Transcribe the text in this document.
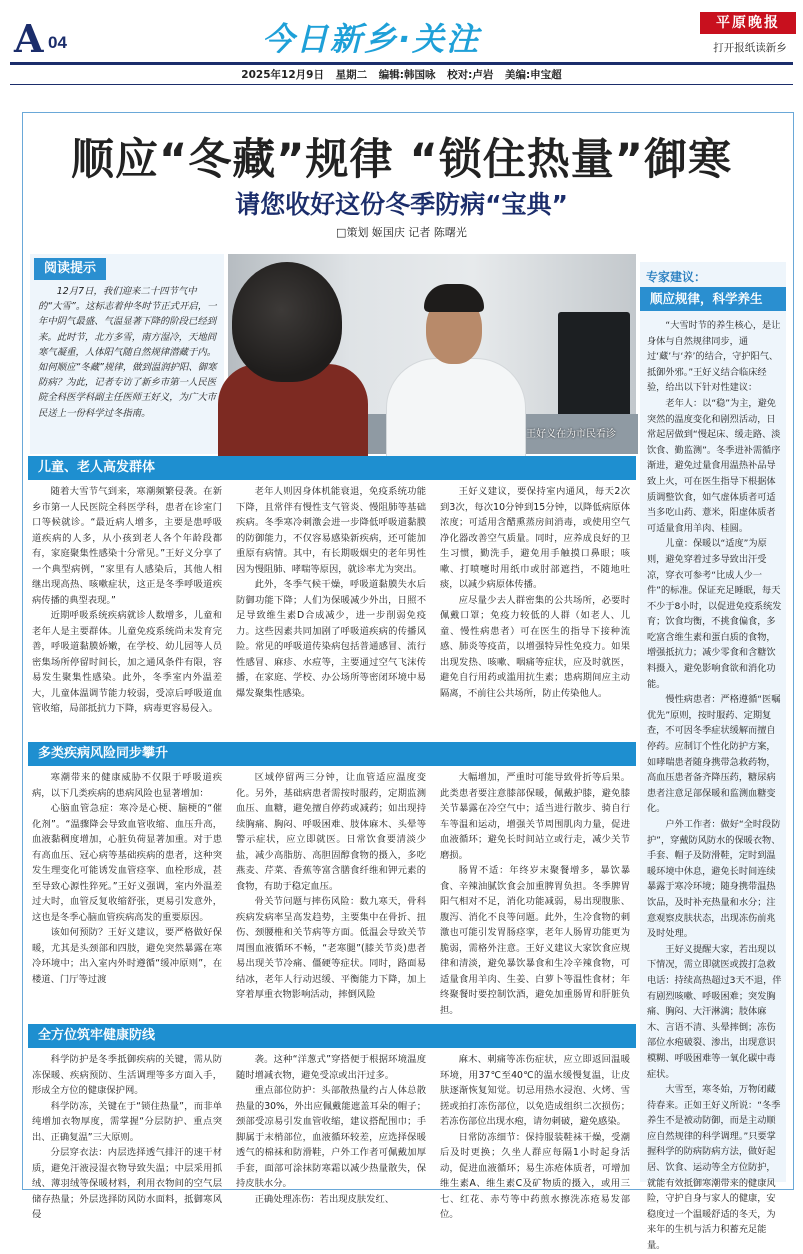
A 04	今日新乡·关注	平原晚报
打开报纸读新乡
2025年12月9日 星期二 编辑:韩国咏 校对:卢岩 美编:申宝超
顺应“冬藏”规律 “锁住热量”御寒
请您收好这份冬季防病“宝典”
□策划 姬国庆 记者 陈曙光
阅读提示
12月7日，我们迎来二十四节气中的“大雪”。这标志着仲冬时节正式开启，一年中阴气最盛、气温显著下降的阶段已经到来。此时节，北方多雪，南方湿冷，天地间寒气凝重，人体阳气随自然规律潜藏于内。如何顺应“冬藏”规律，做到温润护阳、御寒防病？为此，记者专访了新乡市第一人民医院全科医学科副主任医师王好义，为广大市民送上一份科学过冬指南。
王好义在为市民看诊
专家建议：
顺应规律，科学养生

“大雪时节的养生核心，是让身体与自然规律同步，通过‘藏’与‘养’的结合，守护阳气、抵御外邪。”王好义结合临床经验，给出以下针对性建议：

老年人：以“稳”为主，避免突然的温度变化和剧烈活动，日常起居做到“慢起床、缓走路、淡饮食、勤监测”。冬季进补需循序渐进，避免过量食用温热补品导致上火，可在医生指导下根据体质调整饮食，如气虚体质者可适当多吃山药、薏米，阳虚体质者可适量食用羊肉、桂圆。

儿童：保暖以“适度”为原则，避免穿着过多导致出汗受凉，穿衣可参考“比成人少一件”的标准。保证充足睡眠，每天不少于8小时，以促进免疫系统发育；饮食均衡，不挑食偏食，多吃富含维生素和蛋白质的食物，增强抵抗力；减少零食和含糖饮料摄入，避免影响食欲和消化功能。

慢性病患者：严格遵循“医嘱优先”原则，按时服药、定期复查，不可因冬季症状缓解而擅自停药。应制订个性化防护方案，如哮喘患者随身携带急救药物，高血压患者备齐降压药，糖尿病患者注意足部保暖和监测血糖变化。

户外工作者：做好“全时段防护”，穿戴防风防水的保暖衣物、手套、帽子及防滑鞋，定时到温暖环境中休息，避免长时间连续暴露于寒冷环境；随身携带温热饮品，及时补充热量和水分；注意观察皮肤状态，出现冻伤前兆及时处理。

王好义提醒大家，若出现以下情况，需立即就医或拨打急救电话：持续高热超过3天不退，伴有剧烈咳嗽、呼吸困难；突发胸痛、胸闷、大汗淋漓；肢体麻木、言语不清、头晕摔倒；冻伤部位水疱破裂、渗出，出现意识模糊、呼吸困难等一氧化碳中毒症状。

大雪至，寒冬始，万物闭藏待春来。正如王好义所说：“冬季养生不是被动防御，而是主动顺应自然规律的科学调理。”只要掌握科学的防病防病方法，做好起居、饮食、运动等全方位防护，就能有效抵御寒潮带来的健康风险，守护自身与家人的健康，安稳度过一个温暖舒适的冬天，为来年的生机与活力积蓄充足能量。

儿童、老人高发群体

随着大雪节气到来，寒潮频繁侵袭。在新乡市第一人民医院全科医学科，患者在诊室门口等候就诊。“最近病人增多，主要是患呼吸道疾病的人多，从小孩到老人各个年龄段都有，家庭聚集性感染十分常见。”王好义分享了一个典型病例，“家里有人感染后，其他人相继出现高热、咳嗽症状，这正是冬季呼吸道疾病传播的典型表现。”

近期呼吸系统疾病就诊人数增多，儿童和老年人是主要群体。儿童免疫系统尚未发育完善，呼吸道黏膜娇嫩，在学校、幼儿园等人员密集场所停留时间长，加之通风条件有限，容易发生聚集性感染。此外，冬季室内外温差大，儿童体温调节能力较弱，受凉后呼吸道血管收缩，局部抵抗力下降，病毒更容易侵入。

老年人则因身体机能衰退，免疫系统功能下降，且常伴有慢性支气管炎、慢阻肺等基础疾病。冬季寒冷刺激会进一步降低呼吸道黏膜的防御能力，不仅容易感染新疾病，还可能加重原有病情。其中，有长期吸烟史的老年男性因为慢阻肺、哮喘等原因，就诊率尤为突出。

此外，冬季气候干燥，呼吸道黏膜失水后防御功能下降；人们为保暖减少外出，日照不足导致维生素D合成减少，进一步削弱免疫力。这些因素共同加剧了呼吸道疾病的传播风险。常见的呼吸道传染病包括普通感冒、流行性感冒、麻疹、水痘等，主要通过空气飞沫传播，在家庭、学校、办公场所等密闭环境中易爆发聚集性感染。

王好义建议，要保持室内通风，每天2次到3次，每次10分钟到15分钟，以降低病原体浓度；可适用含醋熏蒸房间消毒，或使用空气净化器改善空气质量。同时，应养成良好的卫生习惯，勤洗手，避免用手触摸口鼻眼；咳嗽、打喷嚏时用纸巾或肘部遮挡，不随地吐痰，以减少病原体传播。

应尽量少去人群密集的公共场所，必要时佩戴口罩；免疫力较低的人群（如老人、儿童、慢性病患者）可在医生的指导下接种流感、肺炎等疫苗，以增强特异性免疫力。如果出现发热、咳嗽、咽痛等症状，应及时就医，避免自行用药或滥用抗生素；患病期间应主动隔离，不前往公共场所，防止传染他人。

多类疾病风险同步攀升

寒潮带来的健康威胁不仅限于呼吸道疾病，以下几类疾病的患病风险也显著增加：

心脑血管急症：寒冷是心梗、脑梗的“催化剂”。“温骤降会导致血管收缩、血压升高，血液黏稠度增加，心脏负荷显著加重。对于患有高血压、冠心病等基础疾病的患者，这种突发生理变化可能诱发血管痉挛、血栓形成，甚至导致心源性猝死。”王好义强调，室内外温差过大时，血管反复收缩舒张，更易引发意外，这也是冬季心脑血管疾病高发的重要原因。

该如何预防？王好义建议，要严格做好保暖，尤其是头颈部和四肢，避免突然暴露在寒冷环境中；出入室内外时遵循“缓冲原则”，在楼道、门厅等过渡

区域停留两三分钟，让血管适应温度变化。另外，基础病患者需按时服药，定期监测血压、血糖，避免擅自停药或减药；如出现持续胸痛、胸闷、呼吸困难、肢体麻木、头晕等警示症状，应立即就医。日常饮食要清淡少盐，减少高脂肪、高胆固醇食物的摄入，多吃燕麦、芹菜、香蕉等富含膳食纤维和钾元素的食物，有助于稳定血压。

骨关节问题与摔伤风险：数九寒天，骨科疾病发病率呈高发趋势，主要集中在骨折、扭伤、颈腰椎和关节病等方面。低温会导致关节周围血液循环不畅，“老寒腿”(膝关节炎)患者易出现关节冷痛、僵硬等症状。同时，路面易结冰，老年人行动迟缓、平衡能力下降，加上穿着厚重衣物影响活动，摔倒风险

大幅增加，严重时可能导致骨折等后果。此类患者要注意膝部保暖，佩戴护膝，避免膝关节暴露在冷空气中；适当进行散步、骑自行车等温和运动，增强关节周围肌肉力量，促进血液循环；避免长时间站立或行走，减少关节磨损。

肠胃不适：年终岁末聚餐增多，暴饮暴食、辛辣油腻饮食会加重脾胃负担。冬季脾胃阳气相对不足，消化功能减弱，易出现腹胀、腹泻、消化不良等问题。此外，生冷食物的刺激也可能引发胃肠痉挛，老年人肠胃功能更为脆弱，需格外注意。王好义建议大家饮食应规律和清淡，避免暴饮暴食和生冷辛辣食物，可适量食用羊肉、生姜、白萝卜等温性食材；年终聚餐时要控制饮酒，避免加重肠胃和肝脏负担。

全方位筑牢健康防线

科学防护是冬季抵御疾病的关键，需从防冻保暖、疾病预防、生活调理等多方面入手，形成全方位的健康保护网。

科学防冻，关键在于“锁住热量”，而非单纯增加衣物厚度，需掌握“分层防护、重点突出、正确复温”三大原则。

分层穿衣法：内层选择透气排汗的速干材质，避免汗液浸湿衣物导致失温；中层采用抓绒、薄羽绒等保暖材料，利用衣物间的空气层储存热量；外层选择防风防水面料，抵御寒风侵

袭。这种“洋葱式”穿搭便于根据环境温度随时增减衣物，避免受凉或出汗过多。

重点部位防护：头部散热量约占人体总散热量的30%，外出应佩戴能遮盖耳朵的帽子；颈部受凉易引发血管收缩，建议搭配围巾；手脚属于末梢部位，血液循环较差，应选择保暖透气的棉袜和防滑鞋，户外工作者可佩戴加厚手套，面部可涂抹防寒霜以减少热量散失，保持皮肤水分。

正确处理冻伤：若出现皮肤发红、

麻木、刺痛等冻伤症状，应立即返回温暖环境，用37℃至40℃的温水缓慢复温，让皮肤逐渐恢复知觉。切忌用热水浸泡、火烤、雪搓或拍打冻伤部位，以免造成组织二次损伤；若冻伤部位出现水疱，请勿刺破，避免感染。

日常防冻细节：保持服装鞋袜干燥，受潮后及时更换；久坐人群应每隔1小时起身活动，促进血液循环；易生冻疮体质者，可增加维生素A、维生素C及矿物质的摄入，或用三七、红花、赤芍等中药煎水擦洗冻疮易发部位。
